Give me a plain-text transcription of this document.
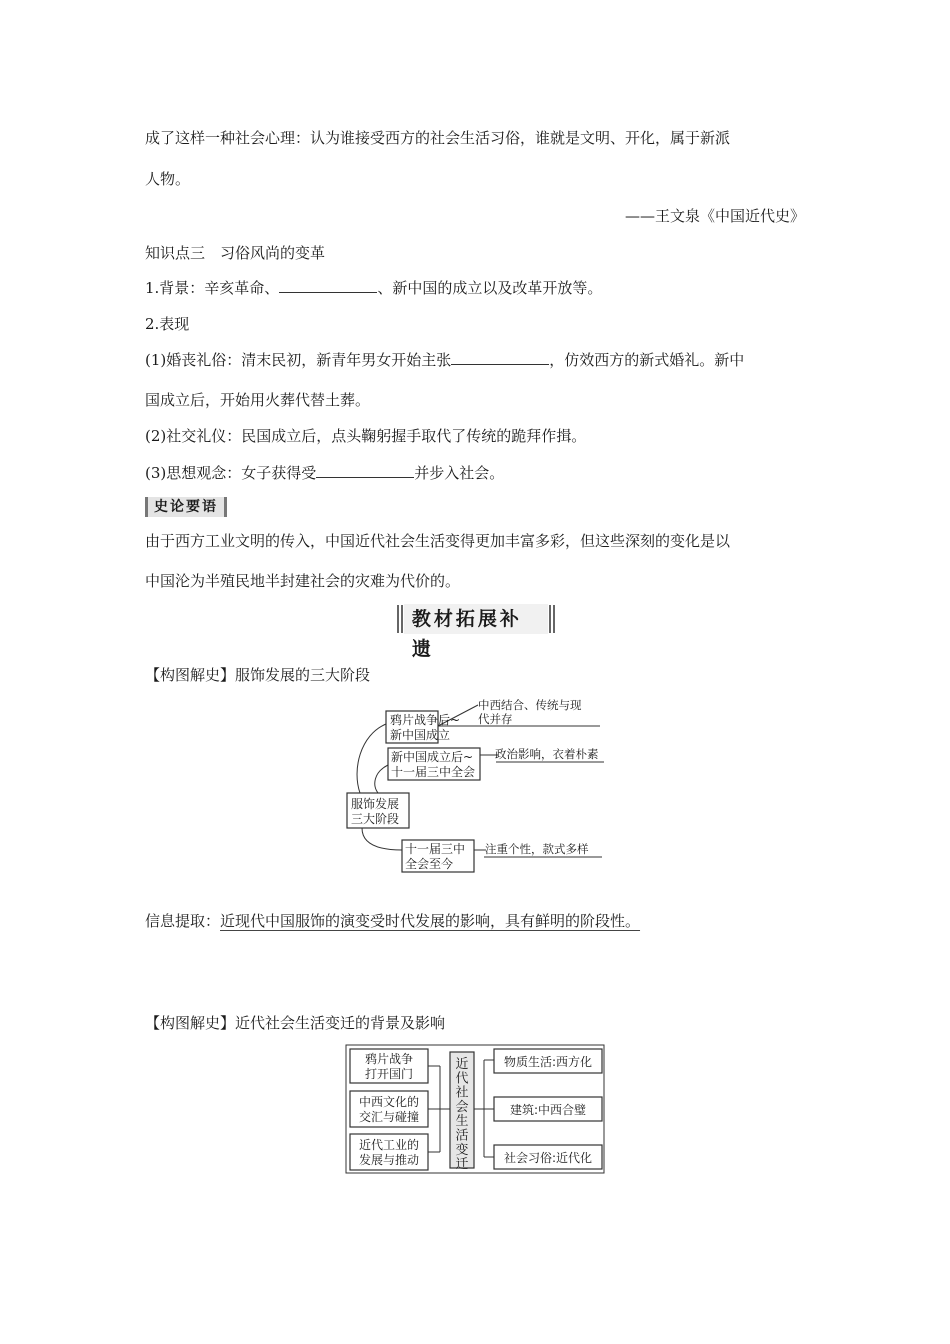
成了这样一种社会心理：认为谁接受西方的社会生活习俗，谁就是文明、开化，属于新派
人物。
——王文泉《中国近代史》
知识点三　习俗风尚的变革
1.背景：辛亥革命、	、新中国的成立以及改革开放等。
2.表现
(1)婚丧礼俗：清末民初，新青年男女开始主张	，仿效西方的新式婚礼。新中
国成立后，开始用火葬代替土葬。
(2)社交礼仪：民国成立后，点头鞠躬握手取代了传统的跪拜作揖。
(3)思想观念：女子获得受	并步入社会。
史论要语
由于西方工业文明的传入，中国近代社会生活变得更加丰富多彩，但这些深刻的变化是以
中国沦为半殖民地半封建社会的灾难为代价的。
教材拓展补遗
【构图解史】服饰发展的三大阶段
鸦片战争后~
新中国成立
新中国成立后~
十一届三中全会
服饰发展
三大阶段
十一届三中
全会至今
中西结合、传统与现
代并存
政治影响，衣着朴素
注重个性，款式多样
信息提取：近现代中国服饰的演变受时代发展的影响，具有鲜明的阶段性。
【构图解史】近代社会生活变迁的背景及影响
近代社会生活变迁
鸦片战争
打开国门
中西文化的
交汇与碰撞
近代工业的
发展与推动
物质生活:西方化
建筑:中西合璧
社会习俗:近代化
